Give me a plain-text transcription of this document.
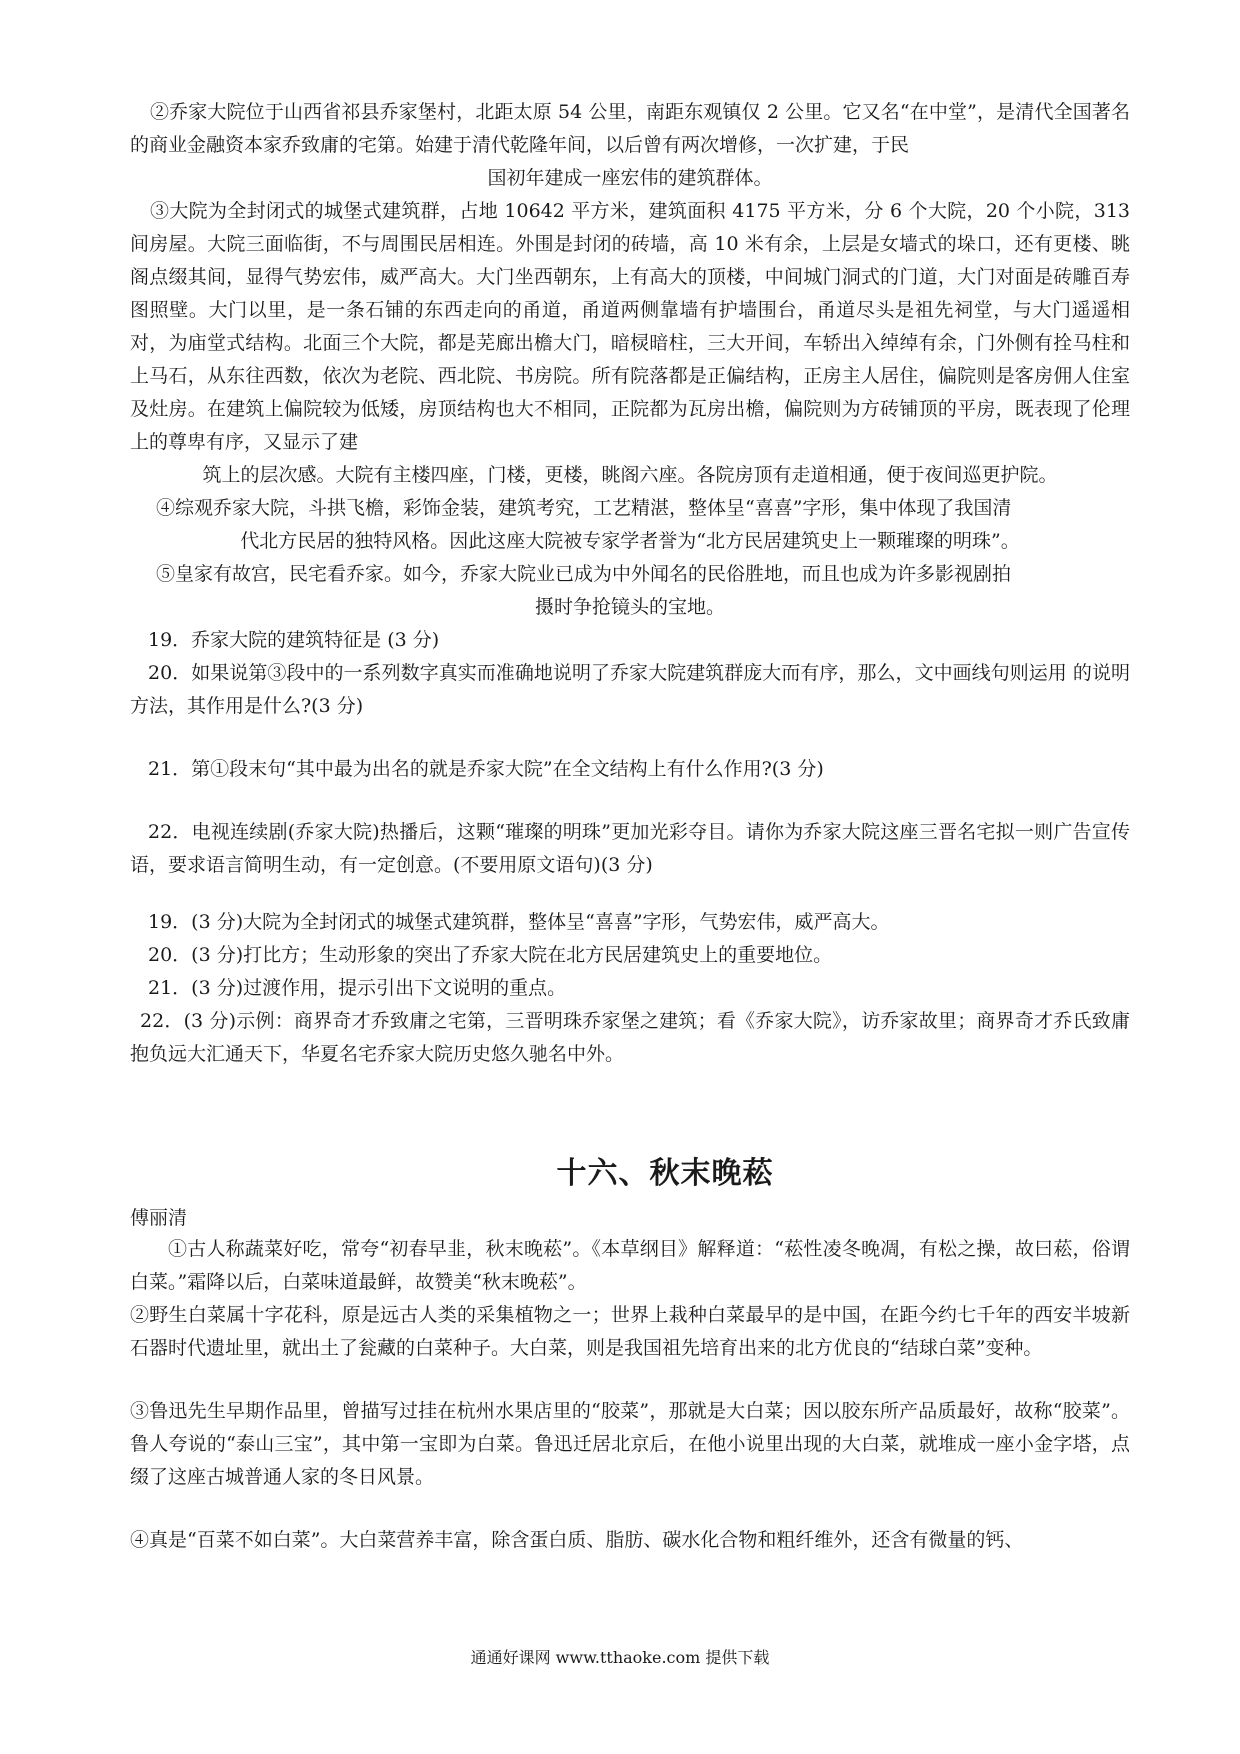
②乔家大院位于山西省祁县乔家堡村，北距太原 54 公里，南距东观镇仅 2 公里。它又名“在中堂”，是清代全国著名的商业金融资本家乔致庸的宅第。始建于清代乾隆年间，以后曾有两次增修，一次扩建，于民

国初年建成一座宏伟的建筑群体。

③大院为全封闭式的城堡式建筑群，占地 10642 平方米，建筑面积 4175 平方米，分 6 个大院，20 个小院，313 间房屋。大院三面临街，不与周围民居相连。外围是封闭的砖墙，高 10 米有余，上层是女墙式的垛口，还有更楼、眺阁点缀其间，显得气势宏伟，威严高大。大门坐西朝东，上有高大的顶楼，中间城门洞式的门道，大门对面是砖雕百寿图照壁。大门以里，是一条石铺的东西走向的甬道，甬道两侧靠墙有护墙围台，甬道尽头是祖先祠堂，与大门遥遥相对，为庙堂式结构。北面三个大院，都是芜廊出檐大门，暗棂暗柱，三大开间，车轿出入绰绰有余，门外侧有拴马柱和上马石，从东往西数，依次为老院、西北院、书房院。所有院落都是正偏结构，正房主人居住，偏院则是客房佣人住室及灶房。在建筑上偏院较为低矮，房顶结构也大不相同，正院都为瓦房出檐，偏院则为方砖铺顶的平房，既表现了伦理上的尊卑有序，又显示了建

筑上的层次感。大院有主楼四座，门楼，更楼，眺阁六座。各院房顶有走道相通，便于夜间巡更护院。

④综观乔家大院，斗拱飞檐，彩饰金装，建筑考究，工艺精湛，整体呈“喜喜”字形，集中体现了我国清

代北方民居的独特风格。因此这座大院被专家学者誉为“北方民居建筑史上一颗璀璨的明珠”。

⑤皇家有故宫，民宅看乔家。如今，乔家大院业已成为中外闻名的民俗胜地，而且也成为许多影视剧拍

摄时争抢镜头的宝地。

19．乔家大院的建筑特征是 (3 分)

20．如果说第③段中的一系列数字真实而准确地说明了乔家大院建筑群庞大而有序，那么，文中画线句则运用 的说明方法，其作用是什么?(3 分)

21．第①段末句“其中最为出名的就是乔家大院”在全文结构上有什么作用?(3 分)

22．电视连续剧(乔家大院)热播后，这颗“璀璨的明珠”更加光彩夺目。请你为乔家大院这座三晋名宅拟一则广告宣传语，要求语言简明生动，有一定创意。(不要用原文语句)(3 分)

19．(3 分)大院为全封闭式的城堡式建筑群，整体呈“喜喜”字形，气势宏伟，威严高大。

20．(3 分)打比方；生动形象的突出了乔家大院在北方民居建筑史上的重要地位。

21．(3 分)过渡作用，提示引出下文说明的重点。

22．(3 分)示例：商界奇才乔致庸之宅第，三晋明珠乔家堡之建筑；看《乔家大院》，访乔家故里；商界奇才乔氏致庸抱负远大汇通天下，华夏名宅乔家大院历史悠久驰名中外。

十六、秋末晚菘

傅丽清

①古人称蔬菜好吃，常夸“初春早韭，秋末晚菘”。《本草纲目》解释道：“菘性凌冬晚凋，有松之操，故曰菘，俗谓白菜。”霜降以后，白菜味道最鲜，故赞美“秋末晚菘”。

②野生白菜属十字花科，原是远古人类的采集植物之一；世界上栽种白菜最早的是中国，在距今约七千年的西安半坡新石器时代遗址里，就出土了瓮藏的白菜种子。大白菜，则是我国祖先培育出来的北方优良的“结球白菜”变种。

③鲁迅先生早期作品里，曾描写过挂在杭州水果店里的“胶菜”，那就是大白菜；因以胶东所产品质最好，故称“胶菜”。鲁人夸说的“泰山三宝”，其中第一宝即为白菜。鲁迅迁居北京后，在他小说里出现的大白菜，就堆成一座小金字塔，点缀了这座古城普通人家的冬日风景。

④真是“百菜不如白菜”。大白菜营养丰富，除含蛋白质、脂肪、碳水化合物和粗纤维外，还含有微量的钙、

通通好课网 www.tthaoke.com 提供下载
